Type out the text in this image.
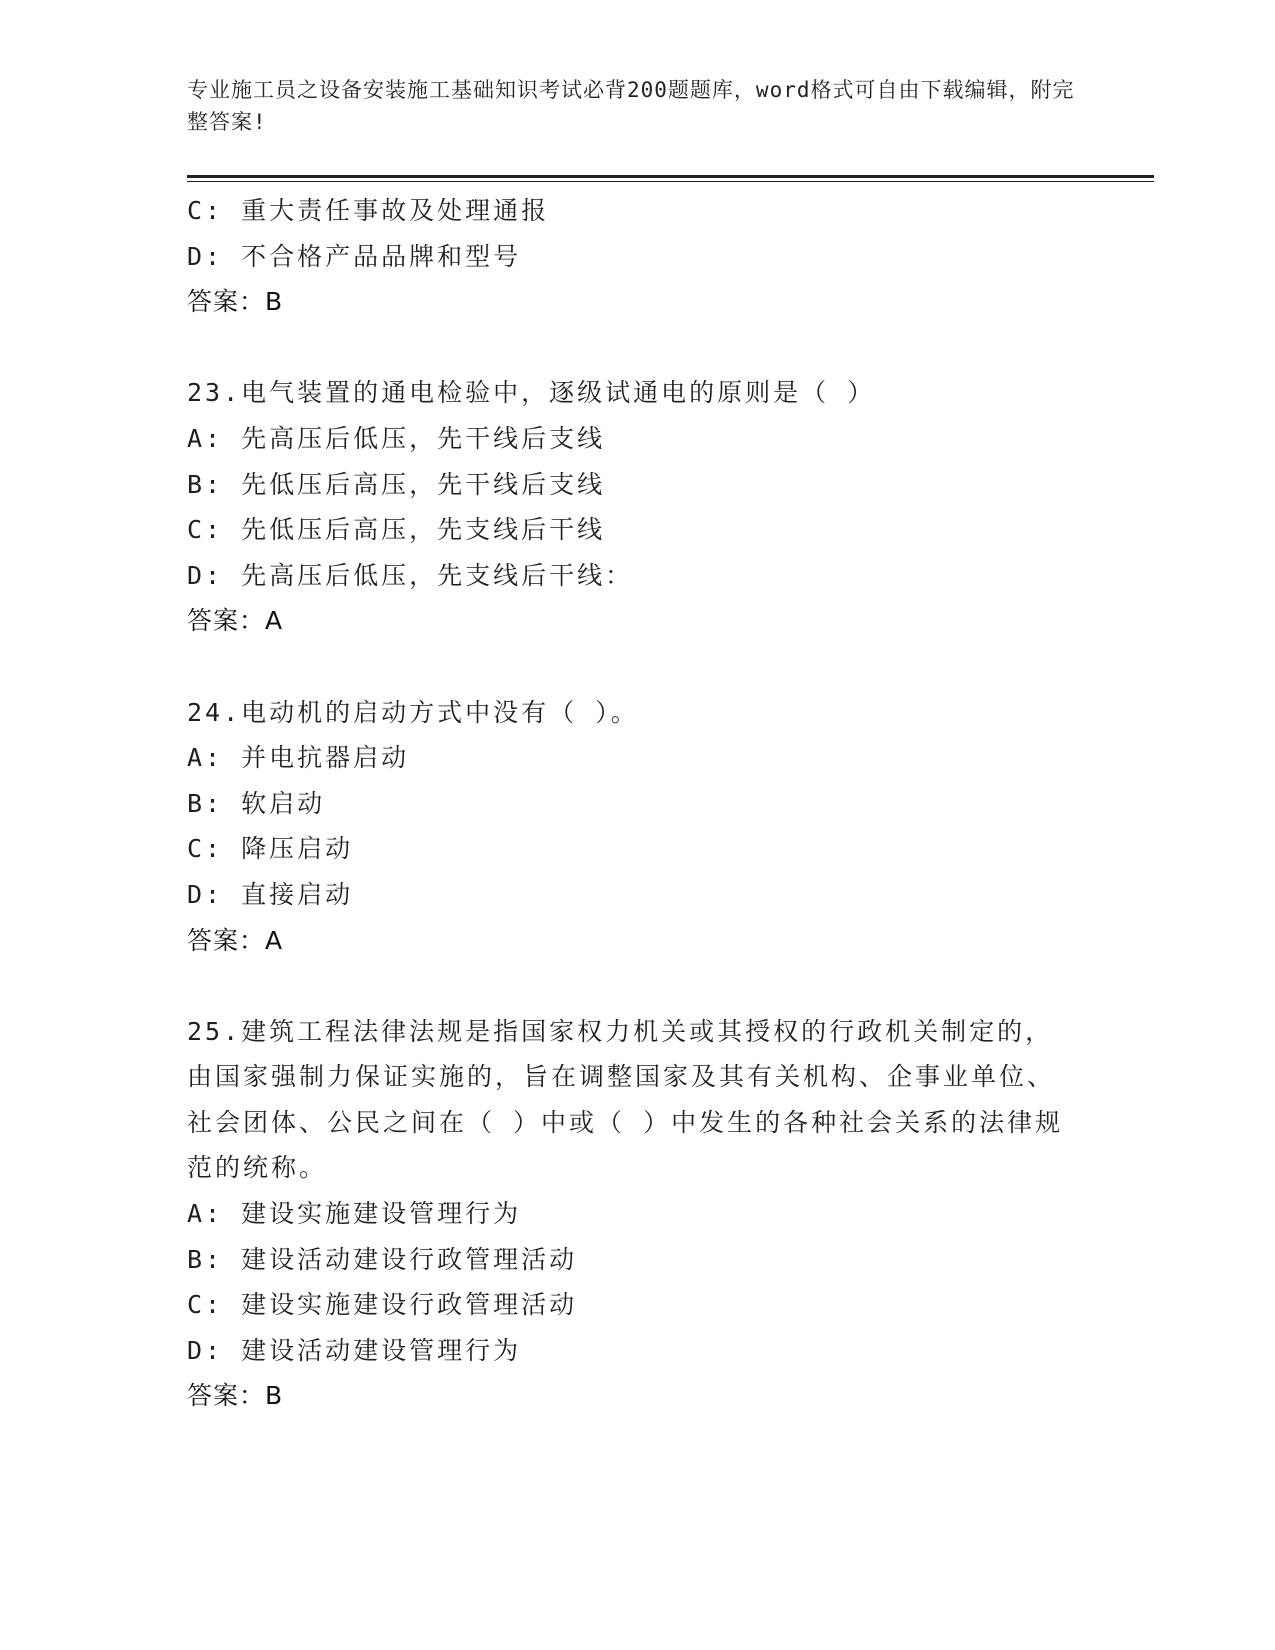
专业施工员之设备安装施工基础知识考试必背200题题库，word格式可自由下载编辑，附完整答案!
C: 重大责任事故及处理通报
D: 不合格产品品牌和型号
答案：B
23.电气装置的通电检验中，逐级试通电的原则是（ ）
A: 先高压后低压，先干线后支线
B: 先低压后高压，先干线后支线
C: 先低压后高压，先支线后干线
D: 先高压后低压，先支线后干线：
答案：A
24.电动机的启动方式中没有（ ）。
A: 并电抗器启动
B: 软启动
C: 降压启动
D: 直接启动
答案：A
25.建筑工程法律法规是指国家权力机关或其授权的行政机关制定的，由国家强制力保证实施的，旨在调整国家及其有关机构、企事业单位、社会团体、公民之间在（ ）中或（ ）中发生的各种社会关系的法律规范的统称。
A: 建设实施建设管理行为
B: 建设活动建设行政管理活动
C: 建设实施建设行政管理活动
D: 建设活动建设管理行为
答案：B
